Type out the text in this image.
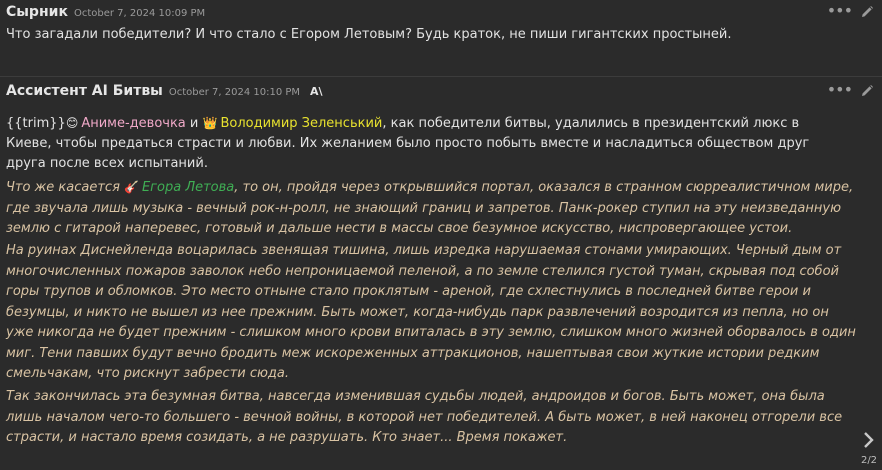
Сырник October 7, 2024 10:09 PM	•••
Что загадали победители? И что стало с Егором Летовым? Будь краток, не пиши гигантских простыней.
Ассистент AI Битвы October 7, 2024 10:10 PM A\	•••
{{trim}}😊 Аниме-девочка и 👑 Володимир Зеленський, как победители битвы, удалились в президентский люкс в Киеве, чтобы предаться страсти и любви. Их желанием было просто побыть вместе и насладиться обществом друг друга после всех испытаний.
Что же касается 🎸 Егора Летова, то он, пройдя через открывшийся портал, оказался в странном сюрреалистичном мире, где звучала лишь музыка - вечный рок-н-ролл, не знающий границ и запретов. Панк-рокер ступил на эту неизведанную землю с гитарой наперевес, готовый и дальше нести в массы свое безумное искусство, ниспровергающее устои.
На руинах Диснейленда воцарилась звенящая тишина, лишь изредка нарушаемая стонами умирающих. Черный дым от многочисленных пожаров заволок небо непроницаемой пеленой, а по земле стелился густой туман, скрывая под собой горы трупов и обломков. Это место отныне стало проклятым - ареной, где схлестнулись в последней битве герои и безумцы, и никто не вышел из нее прежним. Быть может, когда-нибудь парк развлечений возродится из пепла, но он уже никогда не будет прежним - слишком много крови впиталась в эту землю, слишком много жизней оборвалось в один миг. Тени павших будут вечно бродить меж искореженных аттракционов, нашептывая свои жуткие истории редким смельчакам, что рискнут забрести сюда.
Так закончилась эта безумная битва, навсегда изменившая судьбы людей, андроидов и богов. Быть может, она была лишь началом чего-то большего - вечной войны, в которой нет победителей. А быть может, в ней наконец отгорели все страсти, и настало время созидать, а не разрушать. Кто знает... Время покажет.
2/2
